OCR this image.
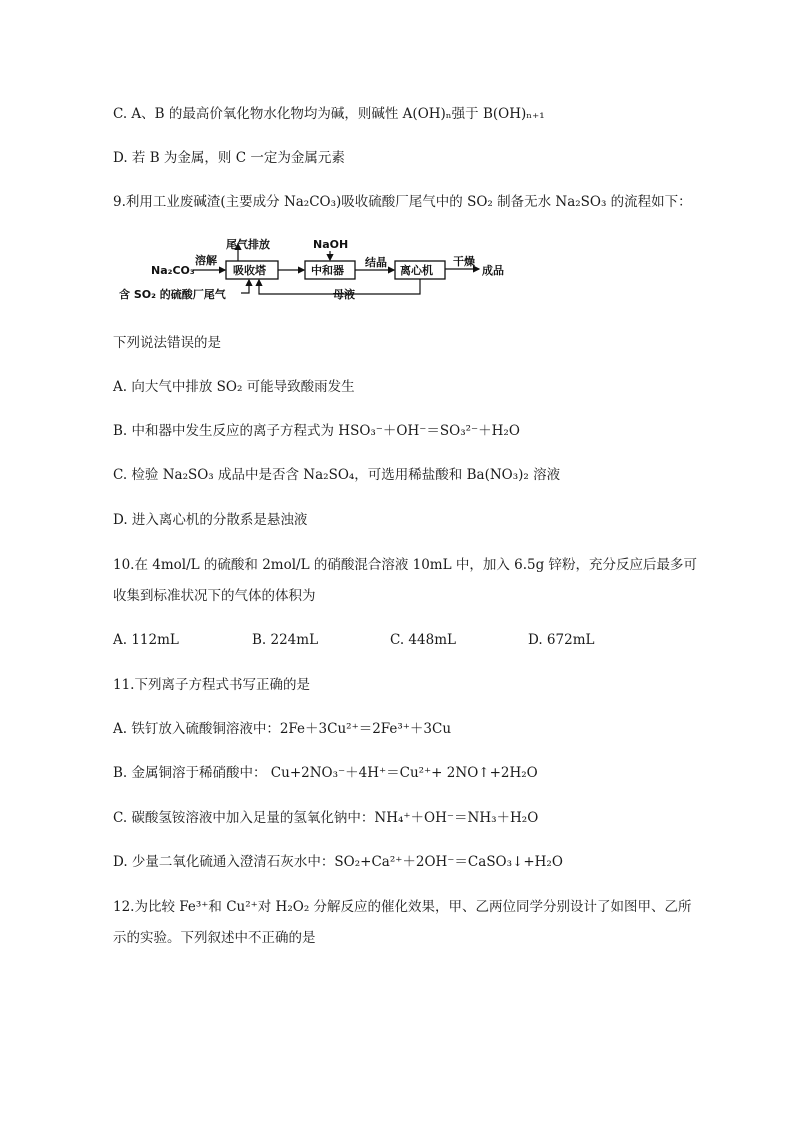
C. A、B 的最高价氧化物水化物均为碱，则碱性 A(OH)ₙ强于 B(OH)ₙ₊₁
D. 若 B 为金属，则 C 一定为金属元素
9.利用工业废碱渣(主要成分 Na₂CO₃)吸收硫酸厂尾气中的 SO₂ 制备无水 Na₂SO₃ 的流程如下：
Na₂CO₃
溶解
吸收塔
尾气排放
中和器
NaOH
结晶
离心机
干燥
成品
母液
含 SO₂ 的硫酸厂尾气
下列说法错误的是
A. 向大气中排放 SO₂ 可能导致酸雨发生
B. 中和器中发生反应的离子方程式为 HSO₃⁻＋OH⁻＝SO₃²⁻＋H₂O
C. 检验 Na₂SO₃ 成品中是否含 Na₂SO₄，可选用稀盐酸和 Ba(NO₃)₂ 溶液
D. 进入离心机的分散系是悬浊液
10.在 4mol/L 的硫酸和 2mol/L 的硝酸混合溶液 10mL 中，加入 6.5g 锌粉，充分反应后最多可
收集到标准状况下的气体的体积为
A. 112mL	B. 224mL	C. 448mL	D. 672mL
11.下列离子方程式书写正确的是
A. 铁钉放入硫酸铜溶液中：2Fe＋3Cu²⁺＝2Fe³⁺＋3Cu
B. 金属铜溶于稀硝酸中： Cu+2NO₃⁻＋4H⁺＝Cu²⁺+ 2NO↑+2H₂O
C. 碳酸氢铵溶液中加入足量的氢氧化钠中：NH₄⁺＋OH⁻＝NH₃＋H₂O
D. 少量二氧化硫通入澄清石灰水中：SO₂+Ca²⁺＋2OH⁻＝CaSO₃↓+H₂O
12.为比较 Fe³⁺和 Cu²⁺对 H₂O₂ 分解反应的催化效果，甲、乙两位同学分别设计了如图甲、乙所
示的实验。下列叙述中不正确的是
